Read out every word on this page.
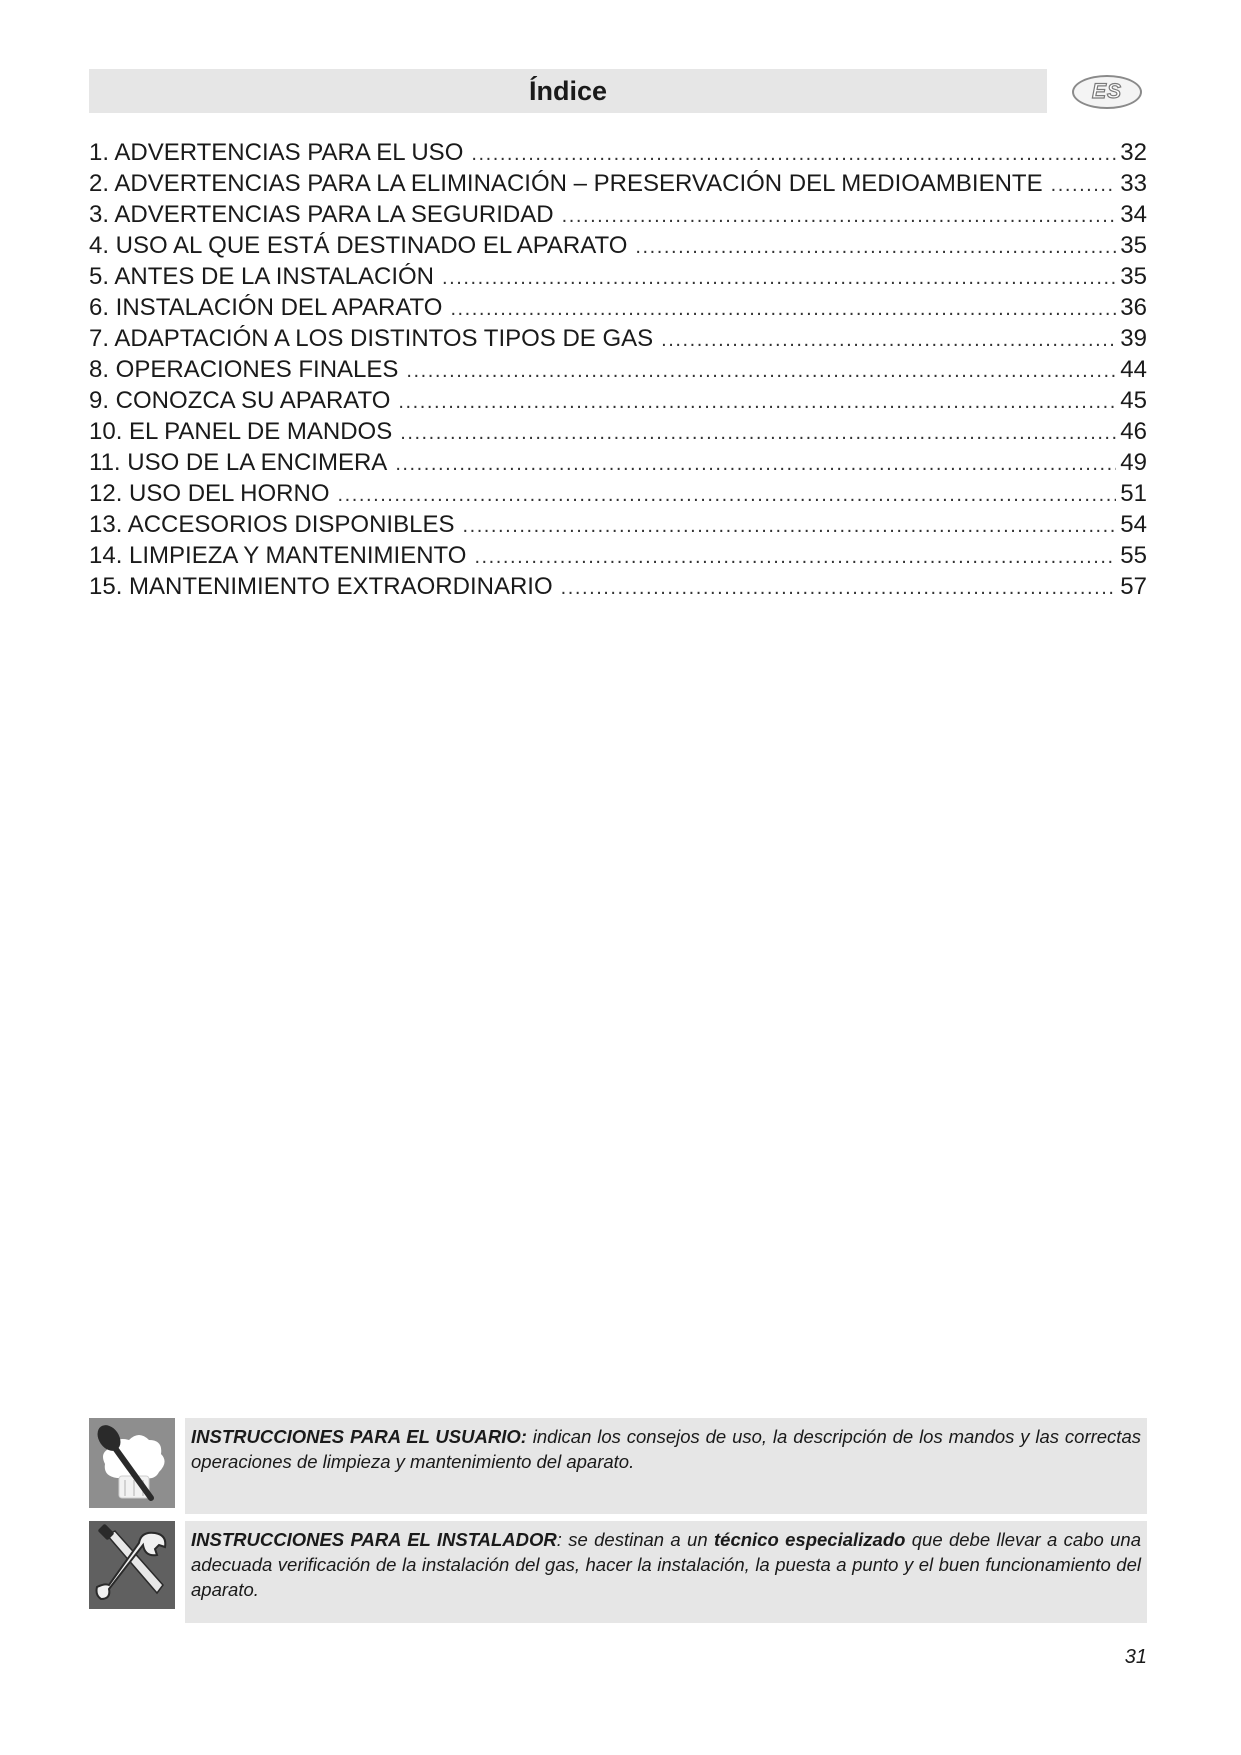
Índice	ES
1. ADVERTENCIAS PARA EL USO . . .	32
2. ADVERTENCIAS PARA LA ELIMINACIÓN – PRESERVACIÓN DEL MEDIOAMBIENTE . . .	33
3. ADVERTENCIAS PARA LA SEGURIDAD . . .	34
4. USO AL QUE ESTÁ DESTINADO EL APARATO . . .	35
5. ANTES DE LA INSTALACIÓN . . .	35
6. INSTALACIÓN DEL APARATO . . .	36
7. ADAPTACIÓN A LOS DISTINTOS TIPOS DE GAS . . .	39
8. OPERACIONES FINALES . . .	44
9. CONOZCA SU APARATO . . .	45
10. EL PANEL DE MANDOS . . .	46
11. USO DE LA ENCIMERA . . .	49
12. USO DEL HORNO . . .	51
13. ACCESORIOS DISPONIBLES . . .	54
14. LIMPIEZA Y MANTENIMIENTO . . .	55
15. MANTENIMIENTO EXTRAORDINARIO . . .	57
INSTRUCCIONES PARA EL USUARIO: indican los consejos de uso, la descripción de los mandos y las correctas operaciones de limpieza y mantenimiento del aparato.
INSTRUCCIONES PARA EL INSTALADOR: se destinan a un técnico especializado que debe llevar a cabo una adecuada verificación de la instalación del gas, hacer la instalación, la puesta a punto y el buen funcionamiento del aparato.
31
